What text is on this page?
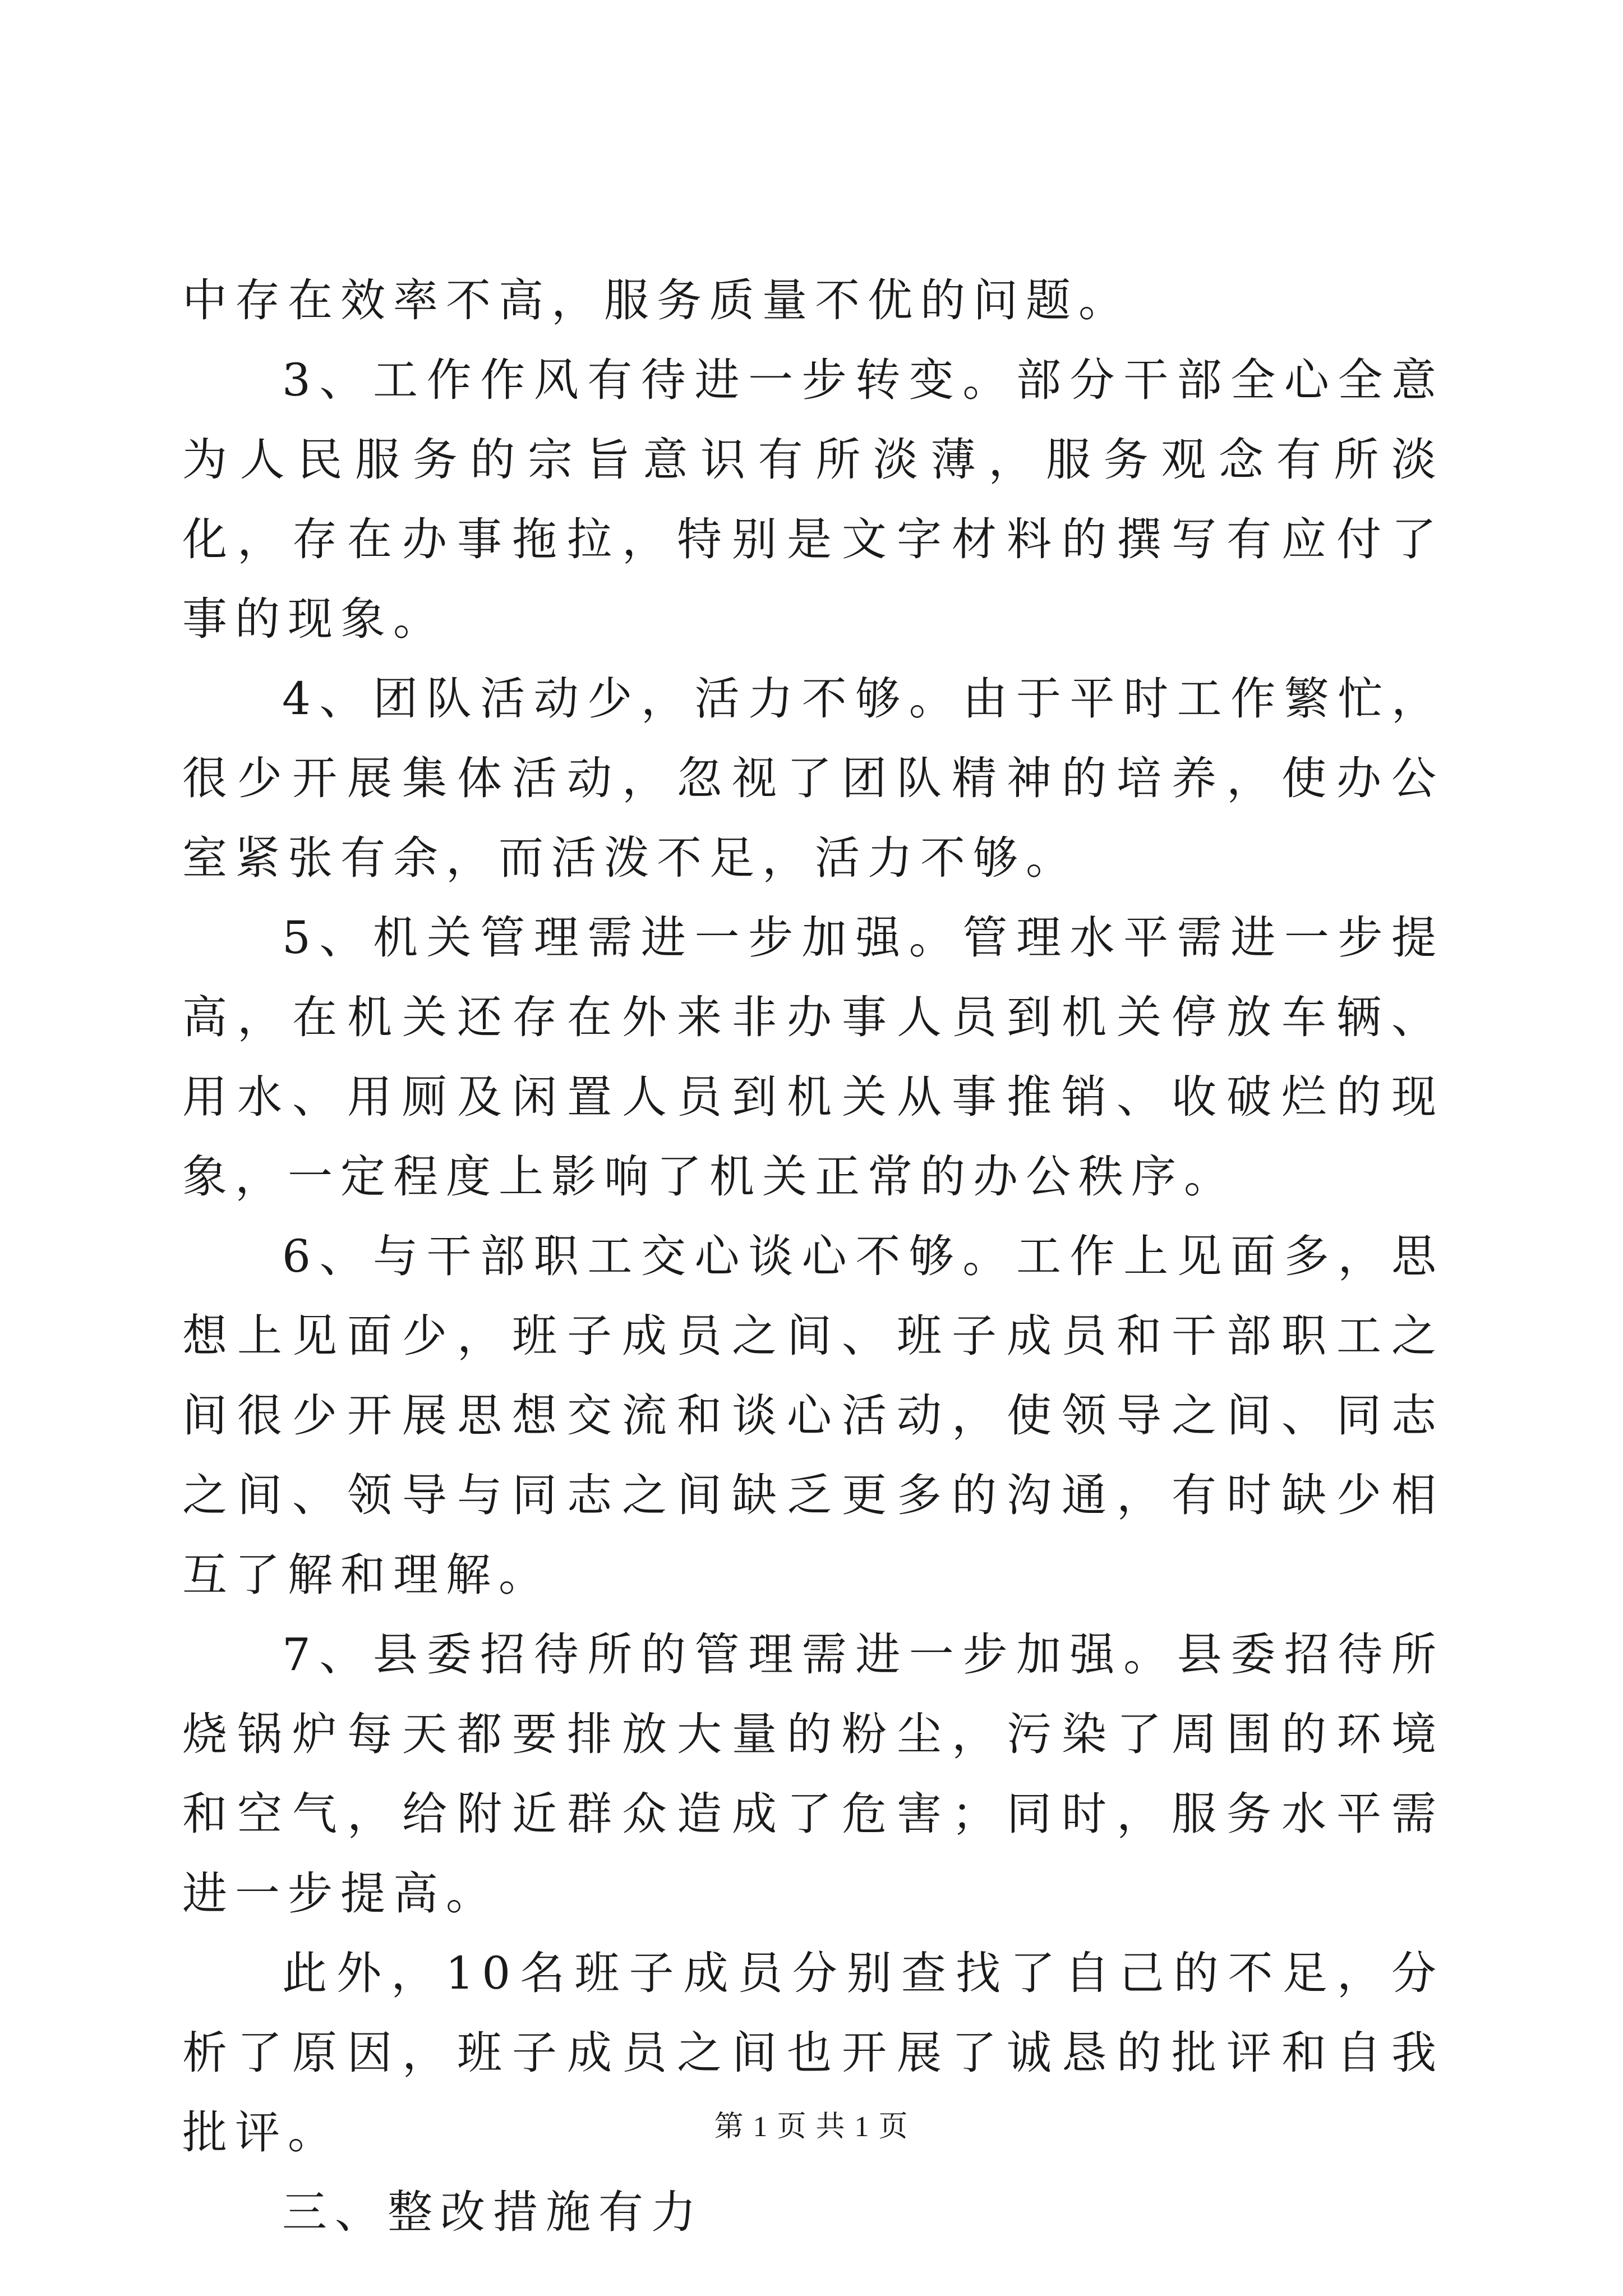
中存在效率不高，服务质量不优的问题。

3、工作作风有待进一步转变。部分干部全心全意为人民服务的宗旨意识有所淡薄，服务观念有所淡化，存在办事拖拉，特别是文字材料的撰写有应付了事的现象。

4、团队活动少，活力不够。由于平时工作繁忙，很少开展集体活动，忽视了团队精神的培养，使办公室紧张有余，而活泼不足，活力不够。

5、机关管理需进一步加强。管理水平需进一步提高，在机关还存在外来非办事人员到机关停放车辆、用水、用厕及闲置人员到机关从事推销、收破烂的现象，一定程度上影响了机关正常的办公秩序。

6、与干部职工交心谈心不够。工作上见面多，思想上见面少，班子成员之间、班子成员和干部职工之间很少开展思想交流和谈心活动，使领导之间、同志之间、领导与同志之间缺乏更多的沟通，有时缺少相互了解和理解。

7、县委招待所的管理需进一步加强。县委招待所烧锅炉每天都要排放大量的粉尘，污染了周围的环境和空气，给附近群众造成了危害；同时，服务水平需进一步提高。

此外，10名班子成员分别查找了自己的不足，分析了原因，班子成员之间也开展了诚恳的批评和自我批评。

三、整改措施有力

第 1 页 共 1 页
